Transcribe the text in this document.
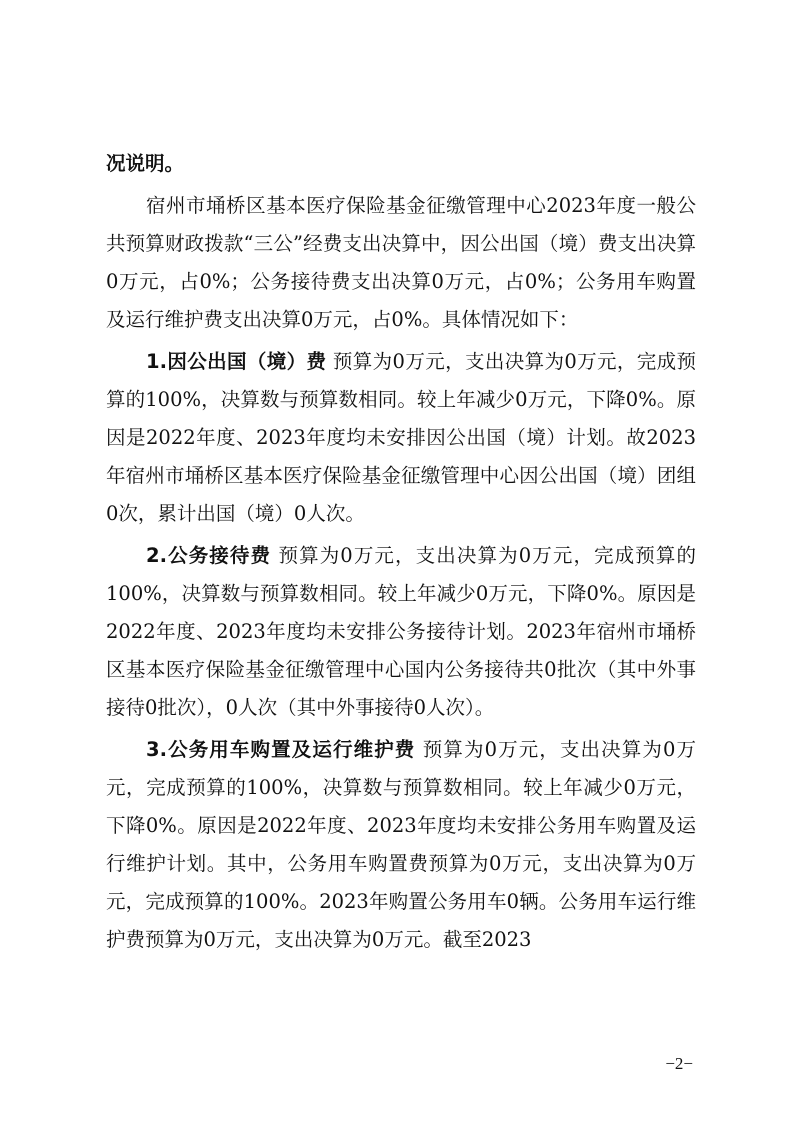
况说明。

宿州市埇桥区基本医疗保险基金征缴管理中心2023年度一般公共预算财政拨款“三公”经费支出决算中，因公出国（境）费支出决算0万元，占0%；公务接待费支出决算0万元，占0%；公务用车购置及运行维护费支出决算0万元，占0%。具体情况如下：

1.因公出国（境）费 预算为0万元，支出决算为0万元，完成预算的100%，决算数与预算数相同。较上年减少0万元，下降0%。原因是2022年度、2023年度均未安排因公出国（境）计划。故2023年宿州市埇桥区基本医疗保险基金征缴管理中心因公出国（境）团组0次，累计出国（境）0人次。

2.公务接待费 预算为0万元，支出决算为0万元，完成预算的100%，决算数与预算数相同。较上年减少0万元，下降0%。原因是2022年度、2023年度均未安排公务接待计划。2023年宿州市埇桥区基本医疗保险基金征缴管理中心国内公务接待共0批次（其中外事接待0批次），0人次（其中外事接待0人次）。

3.公务用车购置及运行维护费 预算为0万元，支出决算为0万元，完成预算的100%，决算数与预算数相同。较上年减少0万元，下降0%。原因是2022年度、2023年度均未安排公务用车购置及运行维护计划。其中，公务用车购置费预算为0万元，支出决算为0万元，完成预算的100%。2023年购置公务用车0辆。公务用车运行维护费预算为0万元，支出决算为0万元。截至2023

−2−
